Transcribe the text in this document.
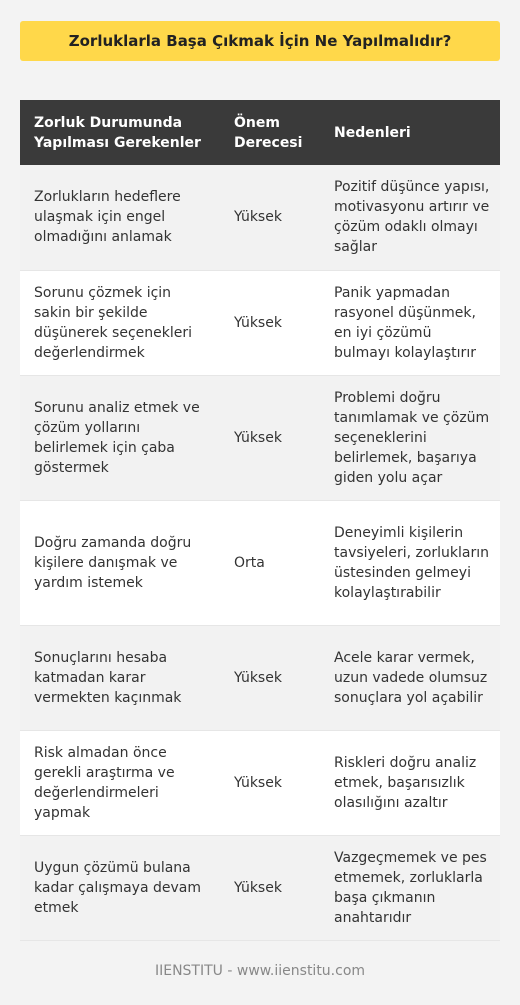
Zorluklarla Başa Çıkmak İçin Ne Yapılmalıdır?
Zorluk Durumunda Yapılması Gerekenler	Önem Derecesi	Nedenleri
Zorlukların hedeflere ulaşmak için engel olmadığını anlamak	Yüksek	Pozitif düşünce yapısı, motivasyonu artırır ve çözüm odaklı olmayı sağlar
Sorunu çözmek için sakin bir şekilde düşünerek seçenekleri değerlendirmek	Yüksek	Panik yapmadan rasyonel düşünmek, en iyi çözümü bulmayı kolaylaştırır
Sorunu analiz etmek ve çözüm yollarını belirlemek için çaba göstermek	Yüksek	Problemi doğru tanımlamak ve çözüm seçeneklerini belirlemek, başarıya giden yolu açar
Doğru zamanda doğru kişilere danışmak ve yardım istemek	Orta	Deneyimli kişilerin tavsiyeleri, zorlukların üstesinden gelmeyi kolaylaştırabilir
Sonuçlarını hesaba katmadan karar vermekten kaçınmak	Yüksek	Acele karar vermek, uzun vadede olumsuz sonuçlara yol açabilir
Risk almadan önce gerekli araştırma ve değerlendirmeleri yapmak	Yüksek	Riskleri doğru analiz etmek, başarısızlık olasılığını azaltır
Uygun çözümü bulana kadar çalışmaya devam etmek	Yüksek	Vazgeçmemek ve pes etmemek, zorluklarla başa çıkmanın anahtarıdır
IIENSTITU - www.iienstitu.com
